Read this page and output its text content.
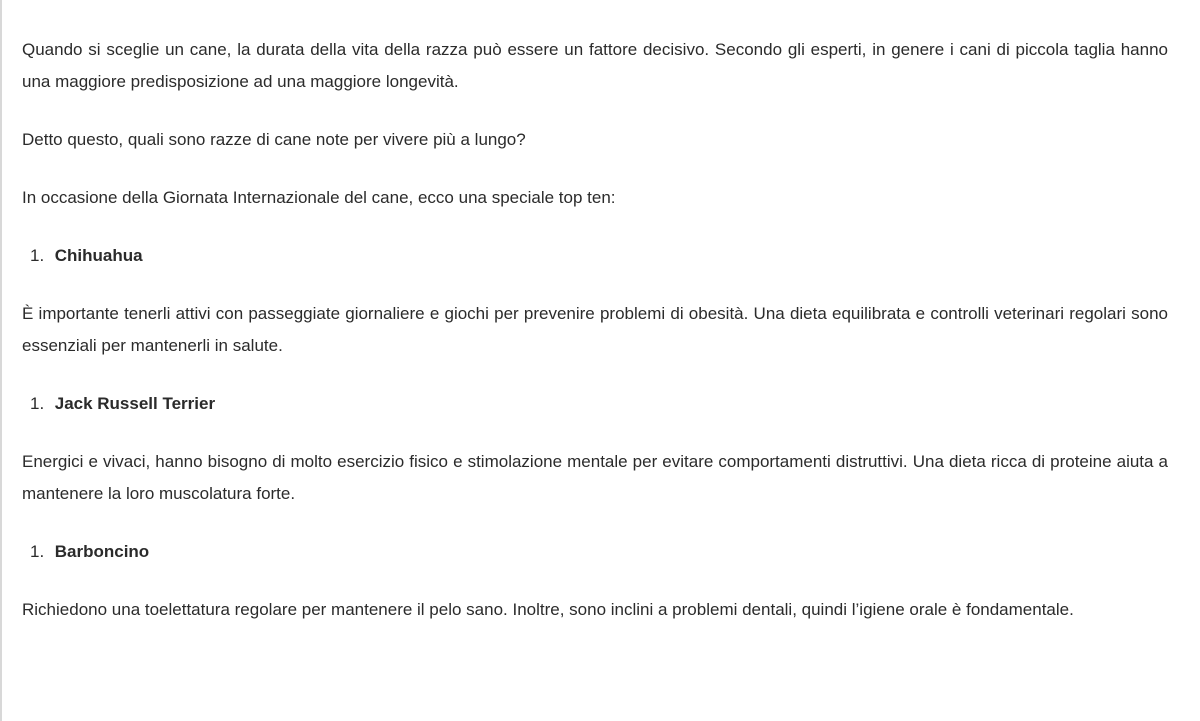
Quando si sceglie un cane, la durata della vita della razza può essere un fattore decisivo. Secondo gli esperti, in genere i cani di piccola taglia hanno una maggiore predisposizione ad una maggiore longevità.

Detto questo, quali sono razze di cane note per vivere più a lungo?

In occasione della Giornata Internazionale del cane, ecco una speciale top ten:

1. Chihuahua

È importante tenerli attivi con passeggiate giornaliere e giochi per prevenire problemi di obesità. Una dieta equilibrata e controlli veterinari regolari sono essenziali per mantenerli in salute.

1. Jack Russell Terrier

Energici e vivaci, hanno bisogno di molto esercizio fisico e stimolazione mentale per evitare comportamenti distruttivi. Una dieta ricca di proteine aiuta a mantenere la loro muscolatura forte.

1. Barboncino

Richiedono una toelettatura regolare per mantenere il pelo sano. Inoltre, sono inclini a problemi dentali, quindi l’igiene orale è fondamentale.
